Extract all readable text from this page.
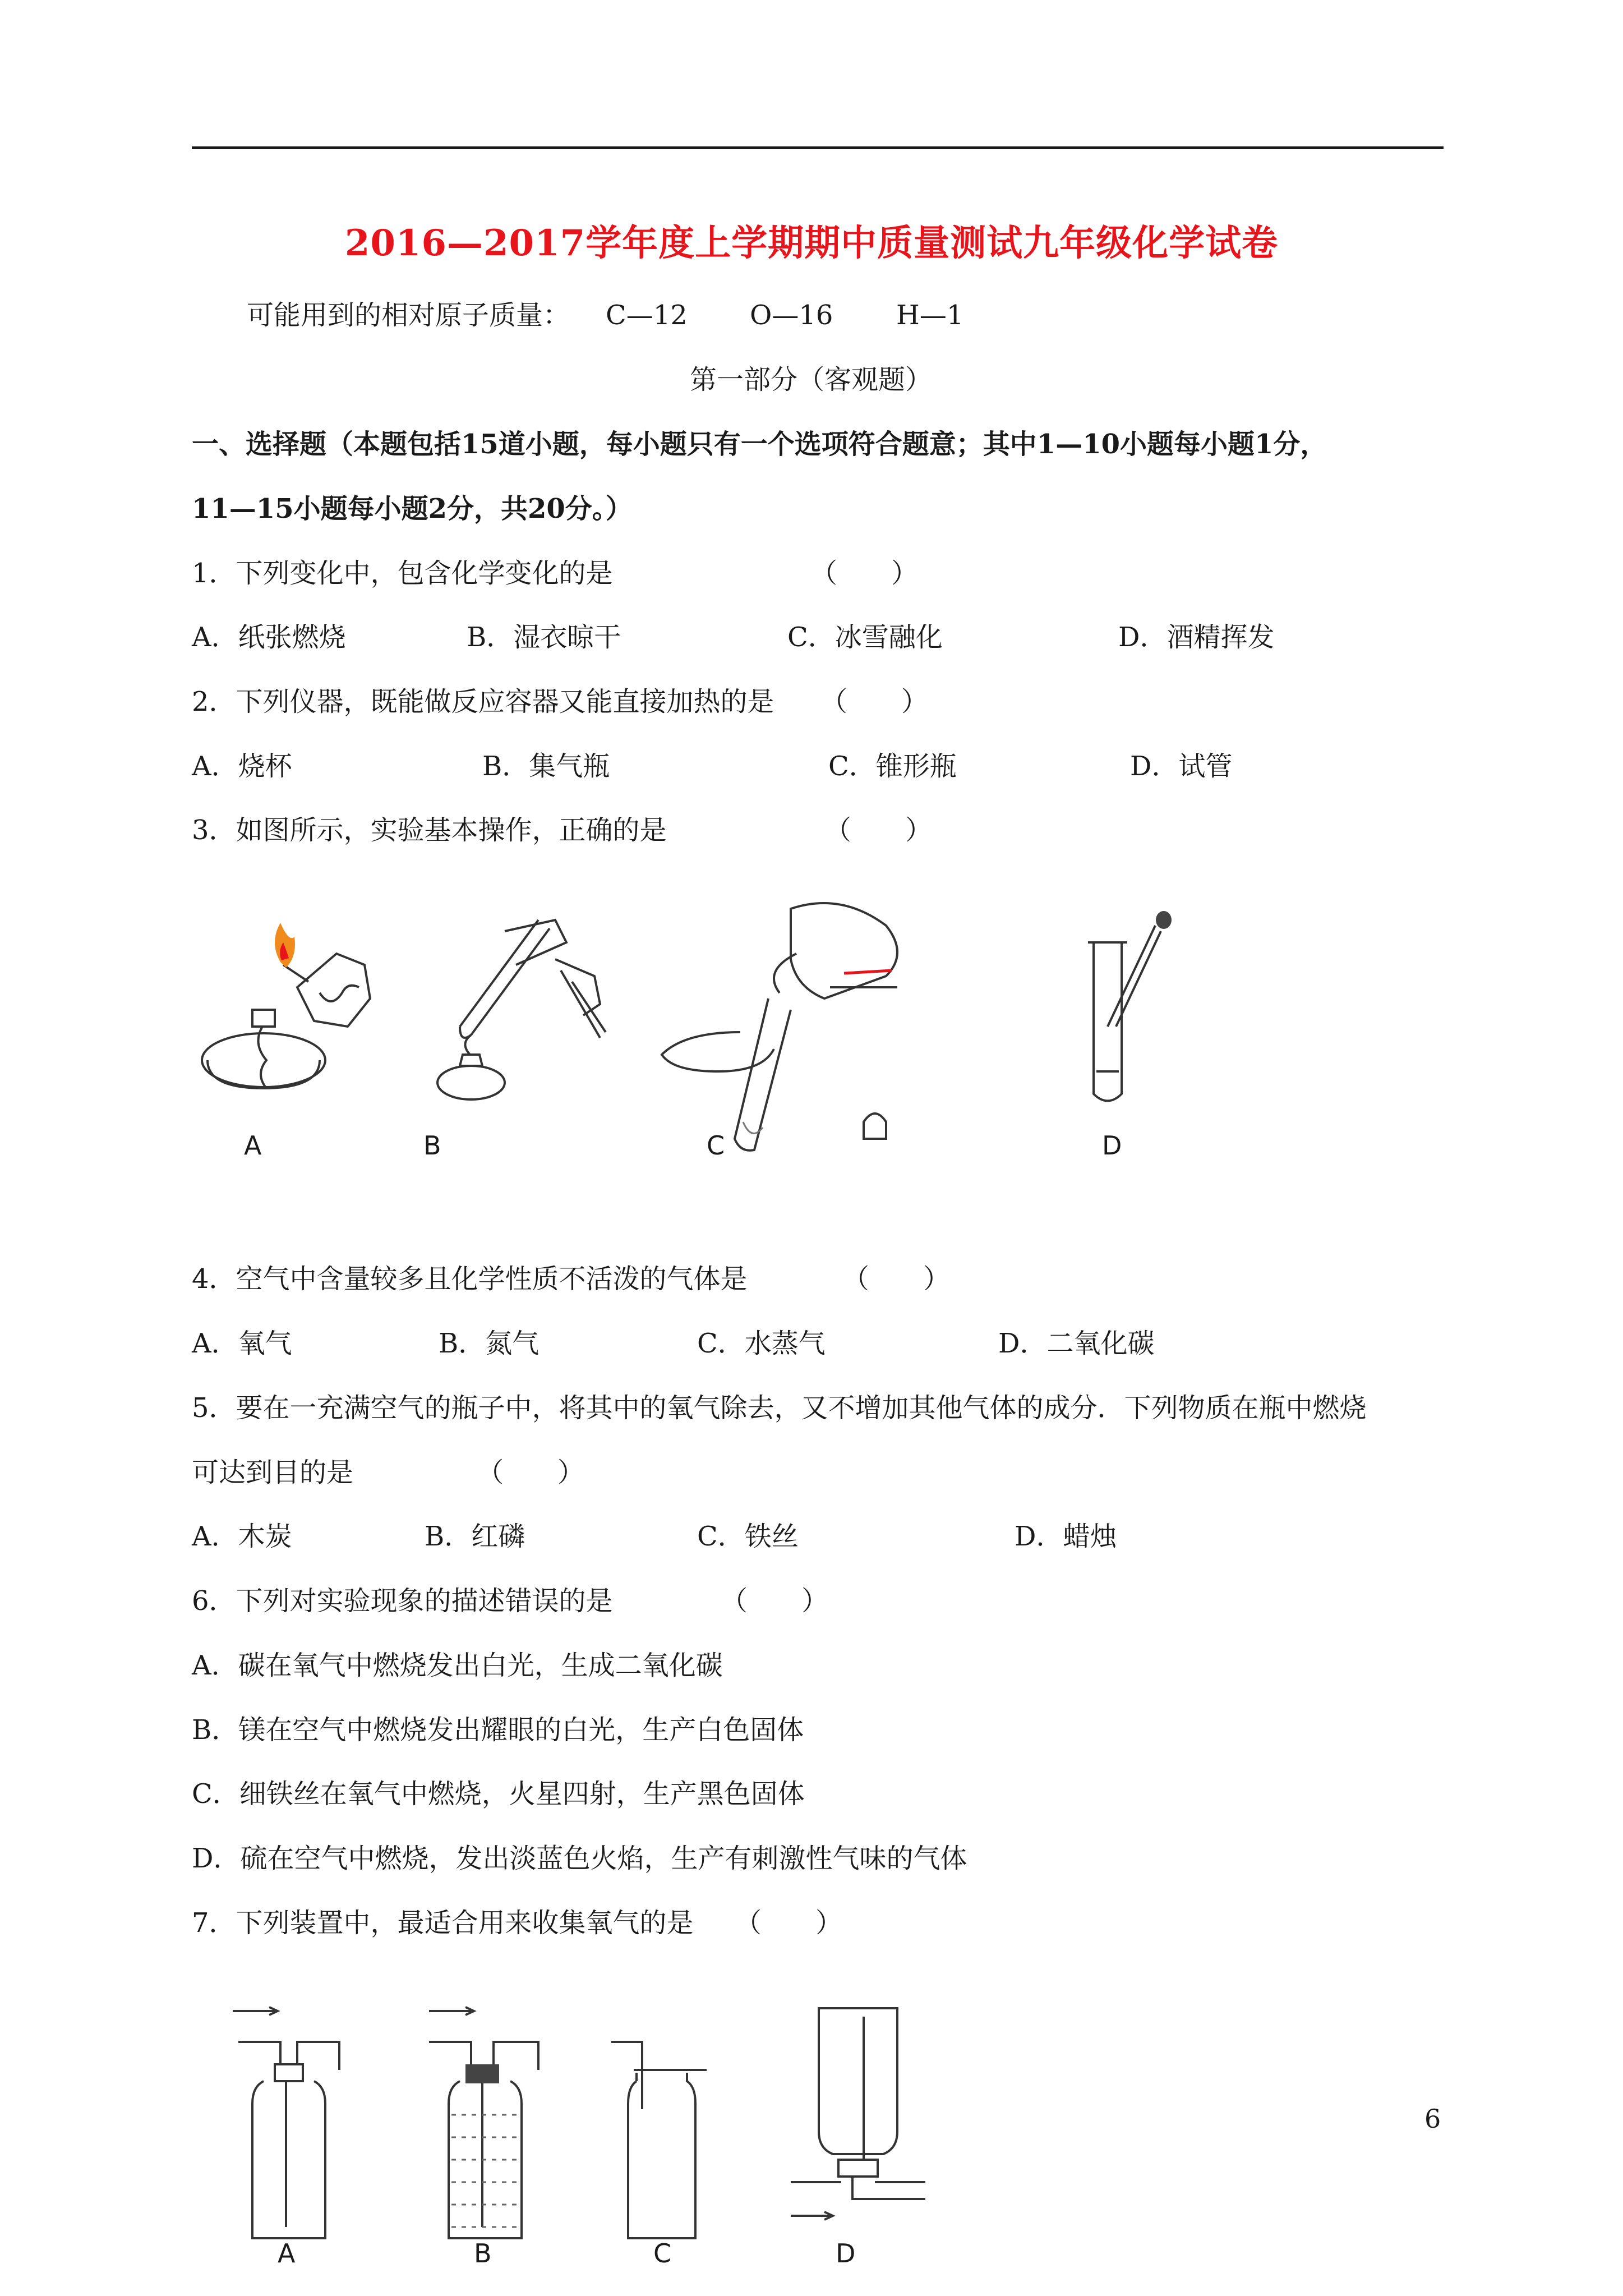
2016—2017学年度上学期期中质量测试九年级化学试卷
可能用到的相对原子质量： C—12 O—16 H—1
第一部分（客观题）
一、选择题（本题包括15道小题，每小题只有一个选项符合题意；其中1—10小题每小题1分，
11—15小题每小题2分，共20分。）
1．下列变化中，包含化学变化的是	（　　）
A．纸张燃烧	B．湿衣晾干	C．冰雪融化	D．酒精挥发
2．下列仪器，既能做反应容器又能直接加热的是 （　　）
A．烧杯	B．集气瓶	C．锥形瓶	D．试管
3．如图所示，实验基本操作，正确的是	（　　）
A	B	C	D
4．空气中含量较多且化学性质不活泼的气体是	（　　）
A．氧气	B．氮气	C．水蒸气	D．二氧化碳
5．要在一充满空气的瓶子中，将其中的氧气除去，又不增加其他气体的成分．下列物质在瓶中燃烧
可达到目的是	（　　）
A．木炭	B．红磷	C．铁丝	D．蜡烛
6．下列对实验现象的描述错误的是	（　　）
A．碳在氧气中燃烧发出白光，生成二氧化碳
B．镁在空气中燃烧发出耀眼的白光，生产白色固体
C．细铁丝在氧气中燃烧，火星四射，生产黑色固体
D．硫在空气中燃烧，发出淡蓝色火焰，生产有刺激性气味的气体
7．下列装置中，最适合用来收集氧气的是 （　　）
A	B	C	D
6
